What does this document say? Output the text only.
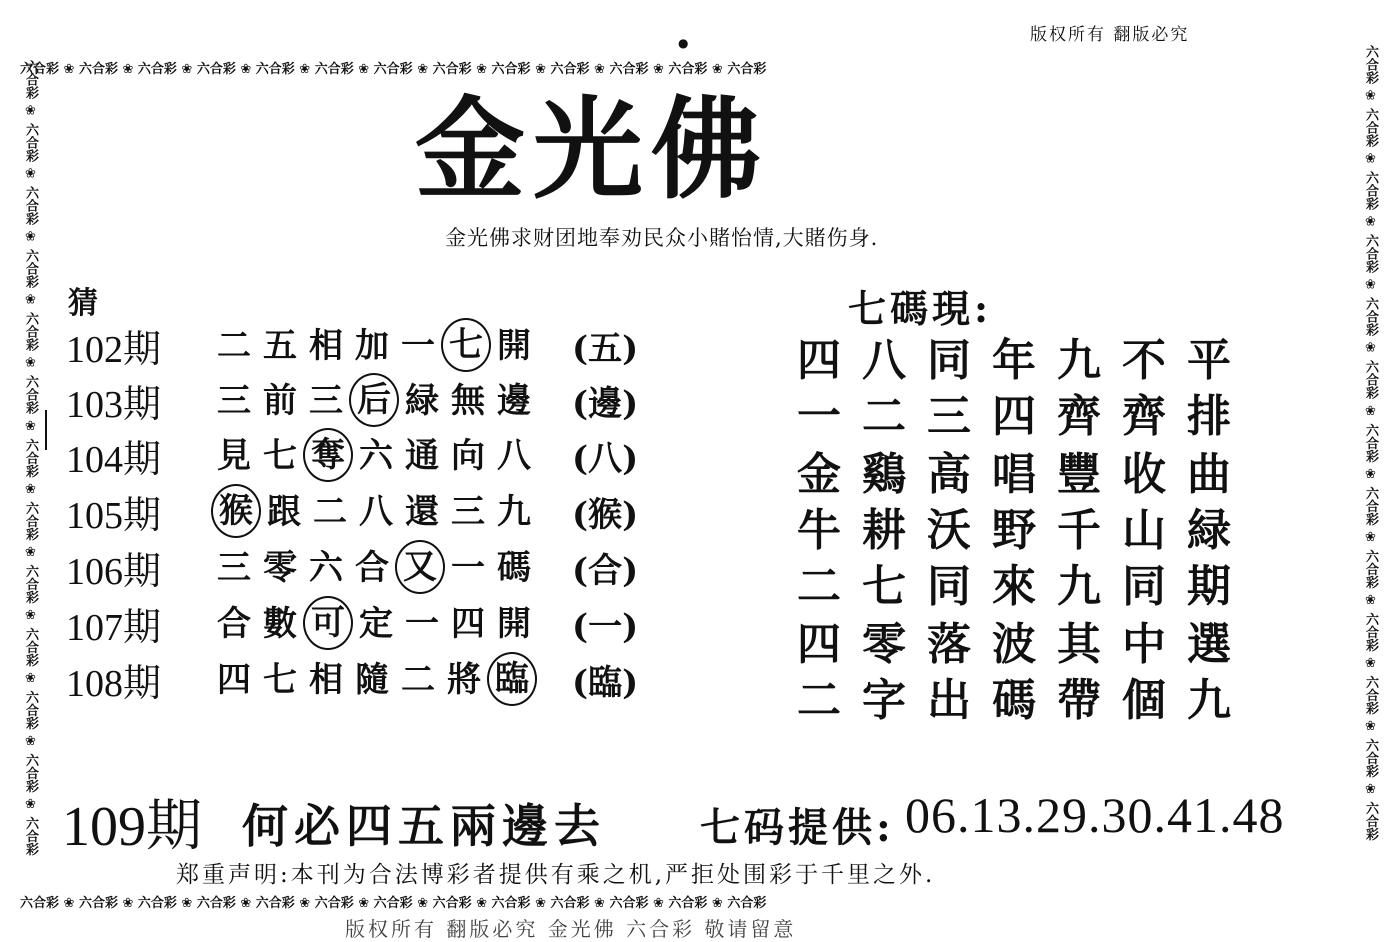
版权所有 翻版必究
●
六合彩 ❀ 六合彩 ❀ 六合彩 ❀ 六合彩 ❀ 六合彩 ❀ 六合彩 ❀ 六合彩 ❀ 六合彩 ❀ 六合彩 ❀ 六合彩 ❀ 六合彩 ❀ 六合彩 ❀ 六合彩
六合彩 ❀ 六合彩 ❀ 六合彩 ❀ 六合彩 ❀ 六合彩 ❀ 六合彩 ❀ 六合彩 ❀ 六合彩 ❀ 六合彩 ❀ 六合彩 ❀ 六合彩 ❀ 六合彩 ❀ 六合彩
六合彩 ❀ 六合彩 ❀ 六合彩 ❀ 六合彩 ❀ 六合彩 ❀ 六合彩 ❀ 六合彩 ❀ 六合彩 ❀ 六合彩 ❀ 六合彩 ❀ 六合彩 ❀ 六合彩 ❀ 六合彩	六合彩 ❀ 六合彩 ❀ 六合彩 ❀ 六合彩 ❀ 六合彩 ❀ 六合彩 ❀ 六合彩 ❀ 六合彩 ❀ 六合彩 ❀ 六合彩 ❀ 六合彩 ❀ 六合彩 ❀ 六合彩
金光佛
金光佛求财团地奉劝民众小賭怡情,大賭伤身.
猜
102期	二 五 相 加 一 七 開 (五)
103期	三 前 三 后 緑 無 邊 (邊)
104期	見 七 奪 六 通 向 八 (八)
105期	猴 跟 二 八 還 三 九 (猴)
106期	三 零 六 合 又 一 碼 (合)
107期	合 數 可 定 一 四 開 (一)
108期	四 七 相 隨 二 將 臨 (臨)
七碼現:
四 八 同 年 九 不 平
一 二 三 四 齊 齊 排
金 鷄 高 唱 豐 收 曲
牛 耕 沃 野 千 山 緑
二 七 同 來 九 同 期
四 零 落 波 其 中 選
二 字 出 碼 帶 個 九
109期 何必四五兩邊去 七码提供: 06.13.29.30.41.48
郑重声明:本刊为合法博彩者提供有乘之机,严拒处围彩于千里之外.
版权所有 翻版必究 金光佛 六合彩 敬请留意
